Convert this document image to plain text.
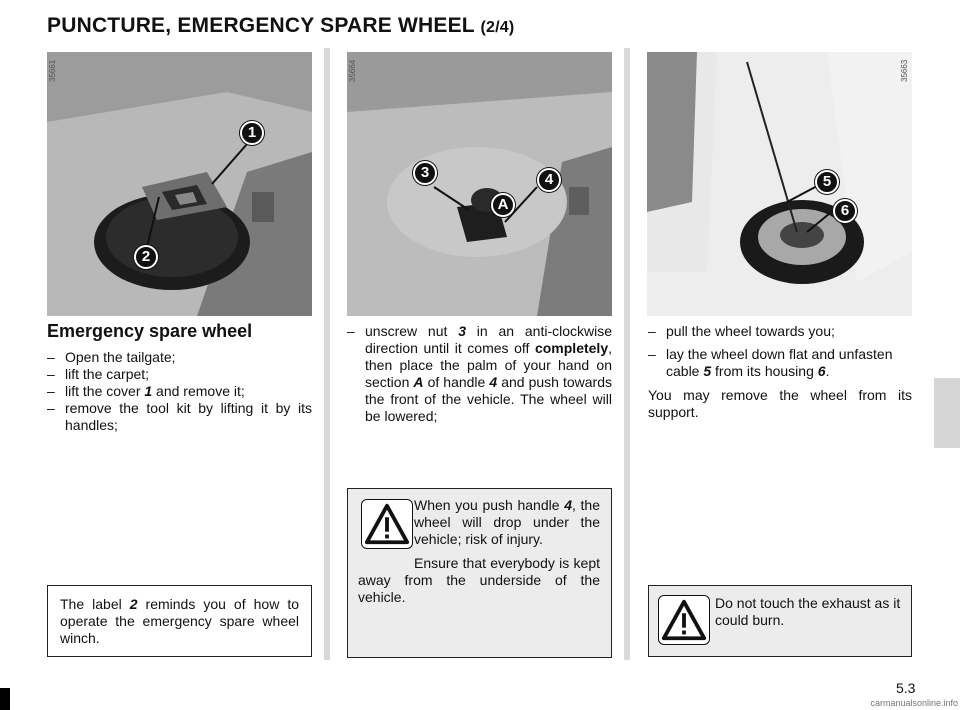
PUNCTURE, EMERGENCY SPARE WHEEL (2/4)
35661
1
2
35664
3	4
A
35663
5
6
Emergency spare wheel
– Open the tailgate;
– lift the carpet;
– lift the cover 1 and remove it;
– remove the tool kit by lifting it by its handles;
The label 2 reminds you of how to operate the emergency spare wheel winch.
– unscrew nut 3 in an anti-clockwise direction until it comes off completely, then place the palm of your hand on section A of handle 4 and push towards the front of the vehicle. The wheel will be lowered;
When you push handle 4, the wheel will drop under the vehicle; risk of injury.
Ensure that everybody is kept away from the underside of the vehicle.
– pull the wheel towards you;
– lay the wheel down flat and unfasten cable 5 from its housing 6.
You may remove the wheel from its support.
Do not touch the exhaust as it could burn.
5.3
carmanualsonline.info
